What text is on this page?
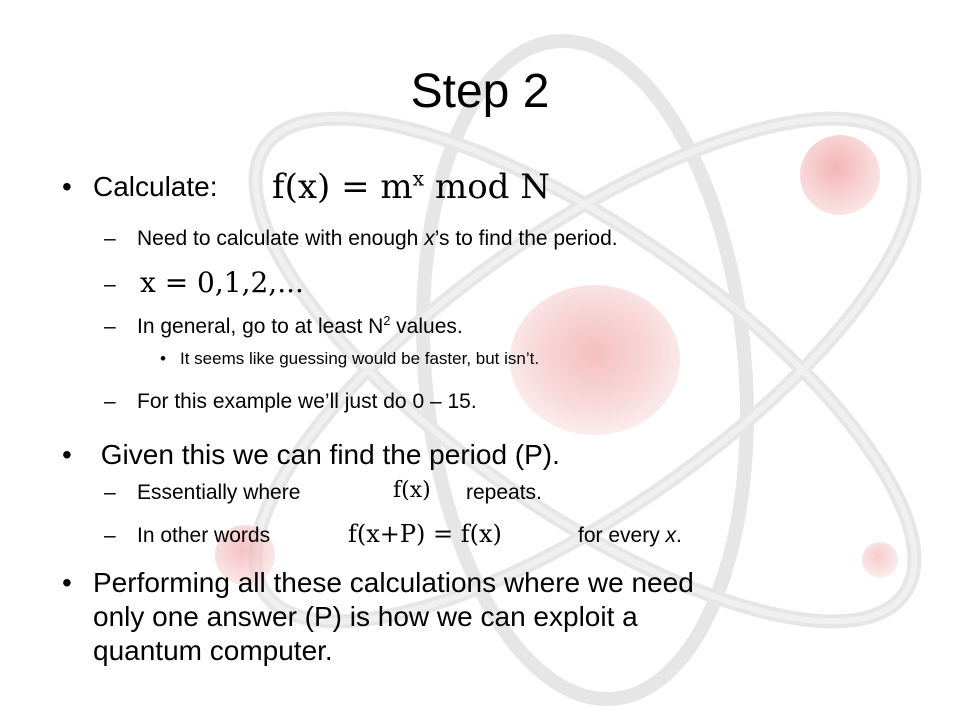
Step 2
• Calculate: $f(x) = m^x$ mod N
– Need to calculate with enough x’s to find the period.
– x = 0,1,2,...
– In general, go to at least $N^2$ values.
• It seems like guessing would be faster, but isn’t.
– For this example we’ll just do 0 – 15.
• Given this we can find the period (P).
– Essentially where	f(x) repeats.
– In other words	f(x+P) = f(x)	for every x.
• Performing all these calculations where we need
only one answer (P) is how we can exploit a
quantum computer.
